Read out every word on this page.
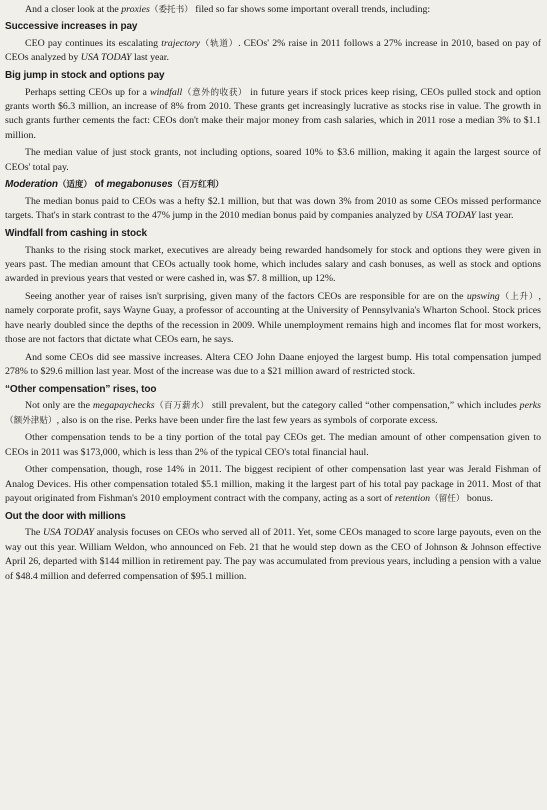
And a closer look at the proxies（委托书） filed so far shows some important overall trends, including:

Successive increases in pay

CEO pay continues its escalating trajectory（轨道）. CEOs' 2% raise in 2011 follows a 27% increase in 2010, based on pay of CEOs analyzed by USA TODAY last year.

Big jump in stock and options pay

Perhaps setting CEOs up for a windfall（意外的收获） in future years if stock prices keep rising, CEOs pulled stock and option grants worth $6.3 million, an increase of 8% from 2010. These grants get increasingly lucrative as stocks rise in value. The growth in such grants further cements the fact: CEOs don't make their major money from cash salaries, which in 2011 rose a median 3% to $1.1 million.

The median value of just stock grants, not including options, soared 10% to $3.6 million, making it again the largest source of CEOs' total pay.

Moderation（适度） of megabonuses（百万红利）

The median bonus paid to CEOs was a hefty $2.1 million, but that was down 3% from 2010 as some CEOs missed performance targets. That's in stark contrast to the 47% jump in the 2010 median bonus paid by companies analyzed by USA TODAY last year.

Windfall from cashing in stock

Thanks to the rising stock market, executives are already being rewarded handsomely for stock and options they were given in years past. The median amount that CEOs actually took home, which includes salary and cash bonuses, as well as stock and options awarded in previous years that vested or were cashed in, was $7. 8 million, up 12%.

Seeing another year of raises isn't surprising, given many of the factors CEOs are responsible for are on the upswing（上升）, namely corporate profit, says Wayne Guay, a professor of accounting at the University of Pennsylvania's Wharton School. Stock prices have nearly doubled since the depths of the recession in 2009. While unemployment remains high and incomes flat for most workers, those are not factors that dictate what CEOs earn, he says.

And some CEOs did see massive increases. Altera CEO John Daane enjoyed the largest bump. His total compensation jumped 278% to $29.6 million last year. Most of the increase was due to a $21 million award of restricted stock.

“Other compensation” rises, too

Not only are the megapaychecks（百万薪水） still prevalent, but the category called “other compensation,” which includes perks（额外津贴）, also is on the rise. Perks have been under fire the last few years as symbols of corporate excess.

Other compensation tends to be a tiny portion of the total pay CEOs get. The median amount of other compensation given to CEOs in 2011 was $173,000, which is less than 2% of the typical CEO's total financial haul.

Other compensation, though, rose 14% in 2011. The biggest recipient of other compensation last year was Jerald Fishman of Analog Devices. His other compensation totaled $5.1 million, making it the largest part of his total pay package in 2011. Most of that payout originated from Fishman's 2010 employment contract with the company, acting as a sort of retention（留任） bonus.

Out the door with millions

The USA TODAY analysis focuses on CEOs who served all of 2011. Yet, some CEOs managed to score large payouts, even on the way out this year. William Weldon, who announced on Feb. 21 that he would step down as the CEO of Johnson & Johnson effective April 26, departed with $144 million in retirement pay. The pay was accumulated from previous years, including a pension with a value of $48.4 million and deferred compensation of $95.1 million.
